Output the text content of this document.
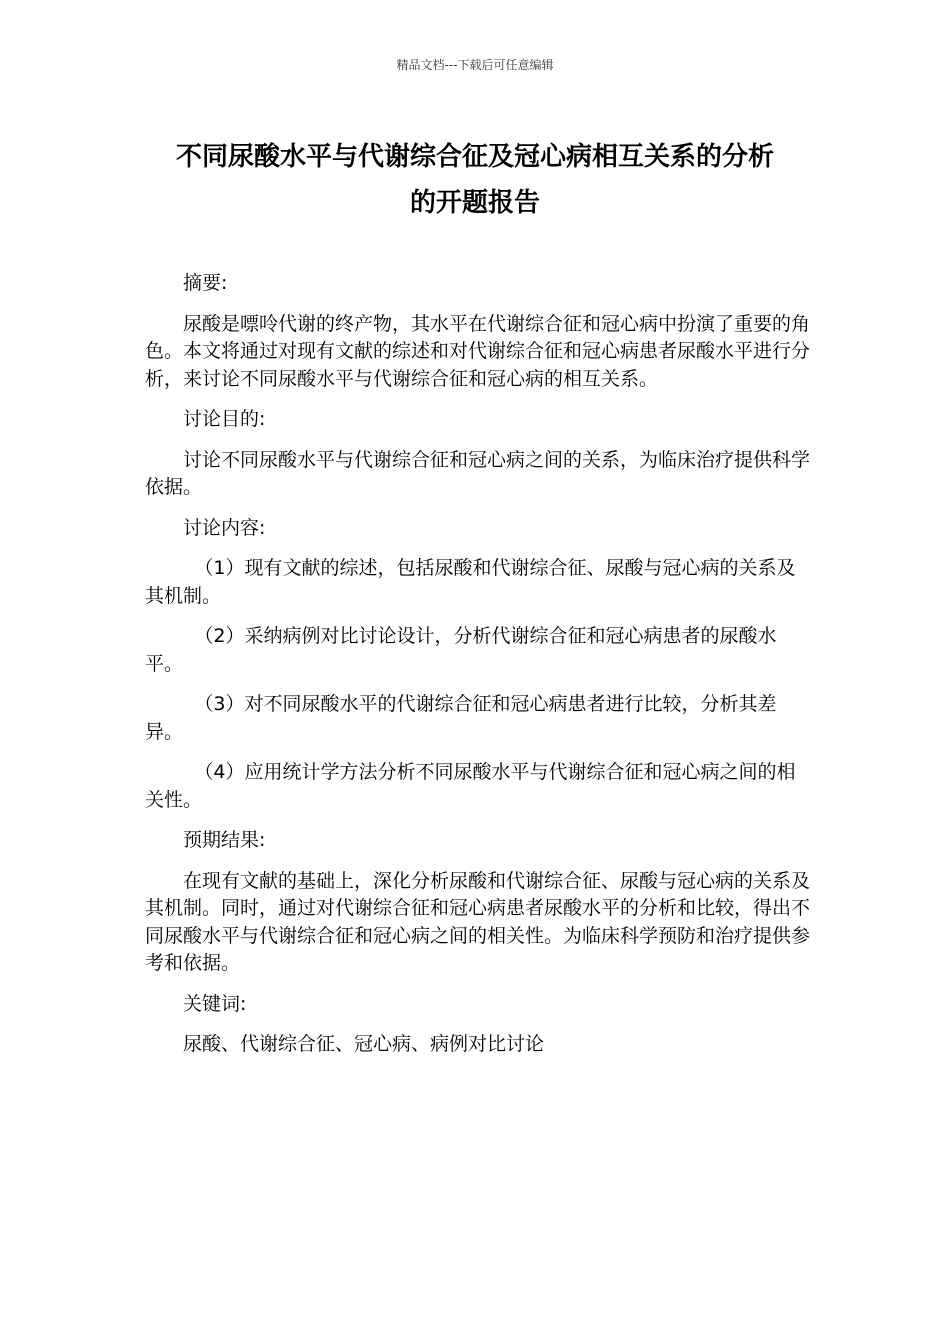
精品文档---下载后可任意编辑
不同尿酸水平与代谢综合征及冠心病相互关系的分析
的开题报告

摘要:

尿酸是嘌呤代谢的终产物，其水平在代谢综合征和冠心病中扮演了重要的角色。本文将通过对现有文献的综述和对代谢综合征和冠心病患者尿酸水平进行分析，来讨论不同尿酸水平与代谢综合征和冠心病的相互关系。

讨论目的:

讨论不同尿酸水平与代谢综合征和冠心病之间的关系，为临床治疗提供科学依据。

讨论内容:

（1）现有文献的综述，包括尿酸和代谢综合征、尿酸与冠心病的关系及其机制。

（2）采纳病例对比讨论设计，分析代谢综合征和冠心病患者的尿酸水平。

（3）对不同尿酸水平的代谢综合征和冠心病患者进行比较，分析其差异。

（4）应用统计学方法分析不同尿酸水平与代谢综合征和冠心病之间的相关性。

预期结果:

在现有文献的基础上，深化分析尿酸和代谢综合征、尿酸与冠心病的关系及其机制。同时，通过对代谢综合征和冠心病患者尿酸水平的分析和比较，得出不同尿酸水平与代谢综合征和冠心病之间的相关性。为临床科学预防和治疗提供参考和依据。

关键词:

尿酸、代谢综合征、冠心病、病例对比讨论
